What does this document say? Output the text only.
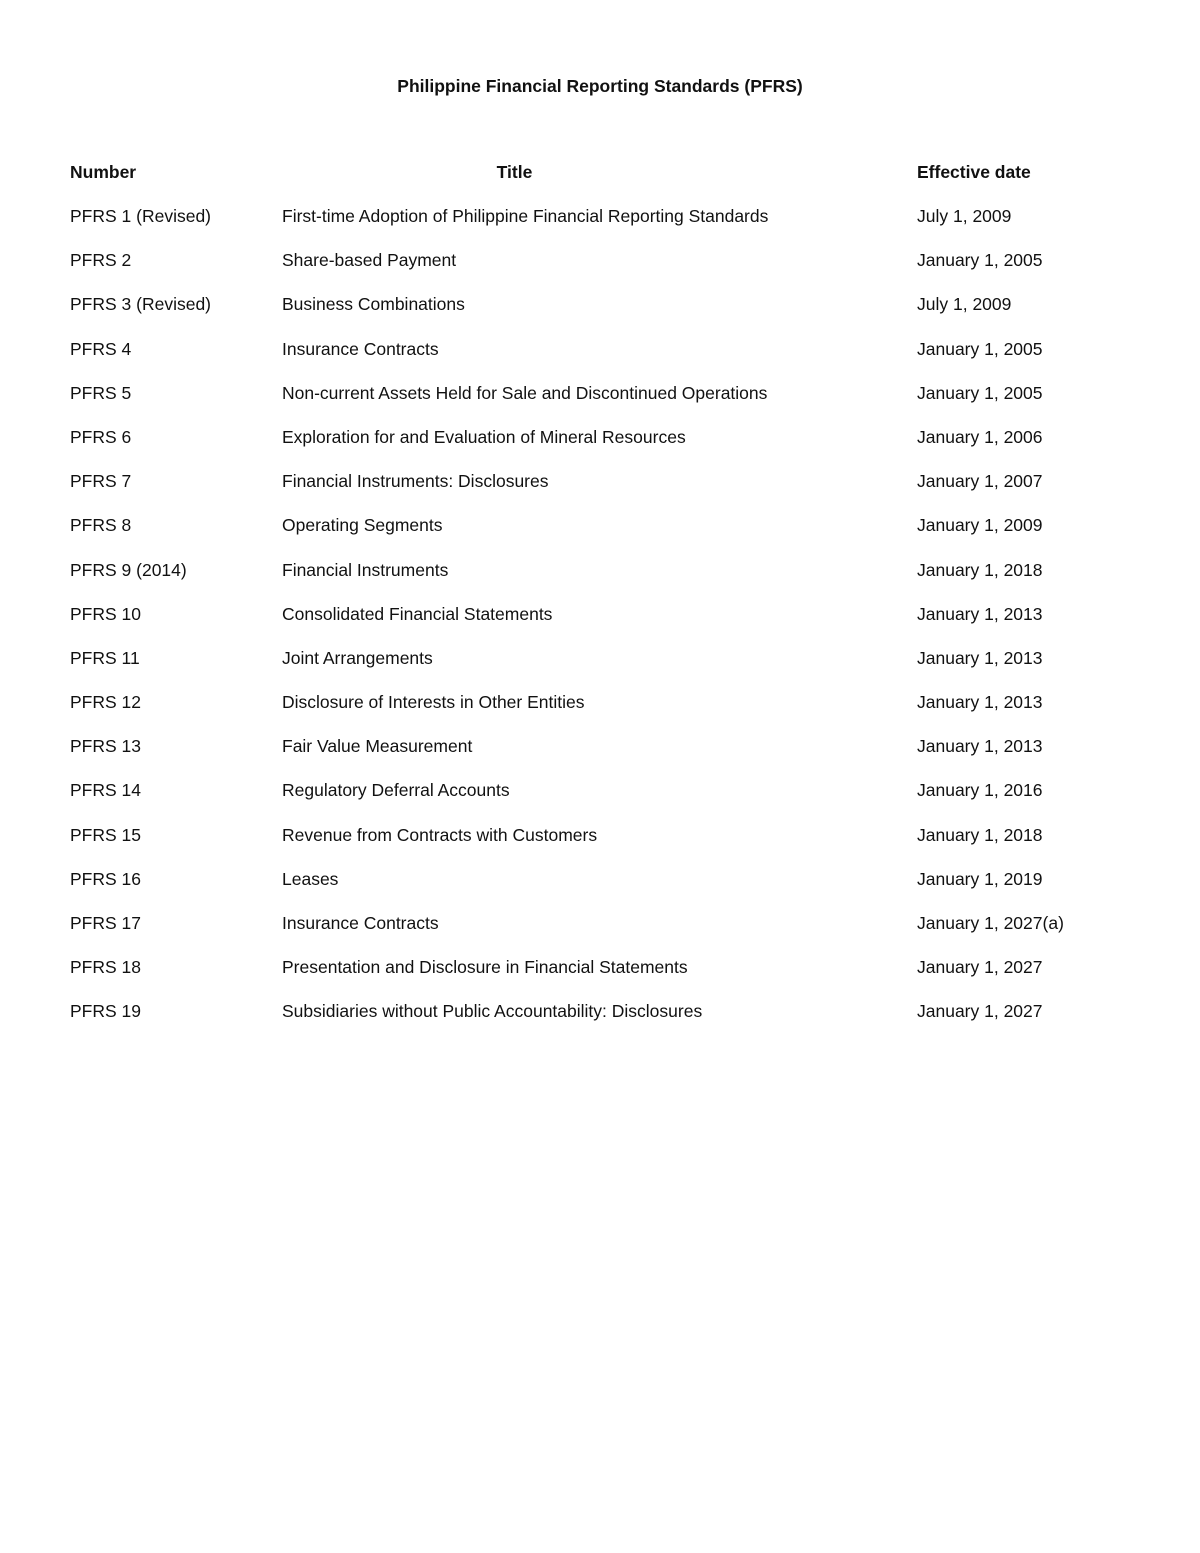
Philippine Financial Reporting Standards (PFRS)
Number	Title	Effective date
PFRS 1 (Revised)	First-time Adoption of Philippine Financial Reporting Standards	July 1, 2009
PFRS 2	Share-based Payment	January 1, 2005
PFRS 3 (Revised)	Business Combinations	July 1, 2009
PFRS 4	Insurance Contracts	January 1, 2005
PFRS 5	Non-current Assets Held for Sale and Discontinued Operations	January 1, 2005
PFRS 6	Exploration for and Evaluation of Mineral Resources	January 1, 2006
PFRS 7	Financial Instruments: Disclosures	January 1, 2007
PFRS 8	Operating Segments	January 1, 2009
PFRS 9 (2014)	Financial Instruments	January 1, 2018
PFRS 10	Consolidated Financial Statements	January 1, 2013
PFRS 11	Joint Arrangements	January 1, 2013
PFRS 12	Disclosure of Interests in Other Entities	January 1, 2013
PFRS 13	Fair Value Measurement	January 1, 2013
PFRS 14	Regulatory Deferral Accounts	January 1, 2016
PFRS 15	Revenue from Contracts with Customers	January 1, 2018
PFRS 16	Leases	January 1, 2019
PFRS 17	Insurance Contracts	January 1, 2027(a)
PFRS 18	Presentation and Disclosure in Financial Statements	January 1, 2027
PFRS 19	Subsidiaries without Public Accountability: Disclosures	January 1, 2027
